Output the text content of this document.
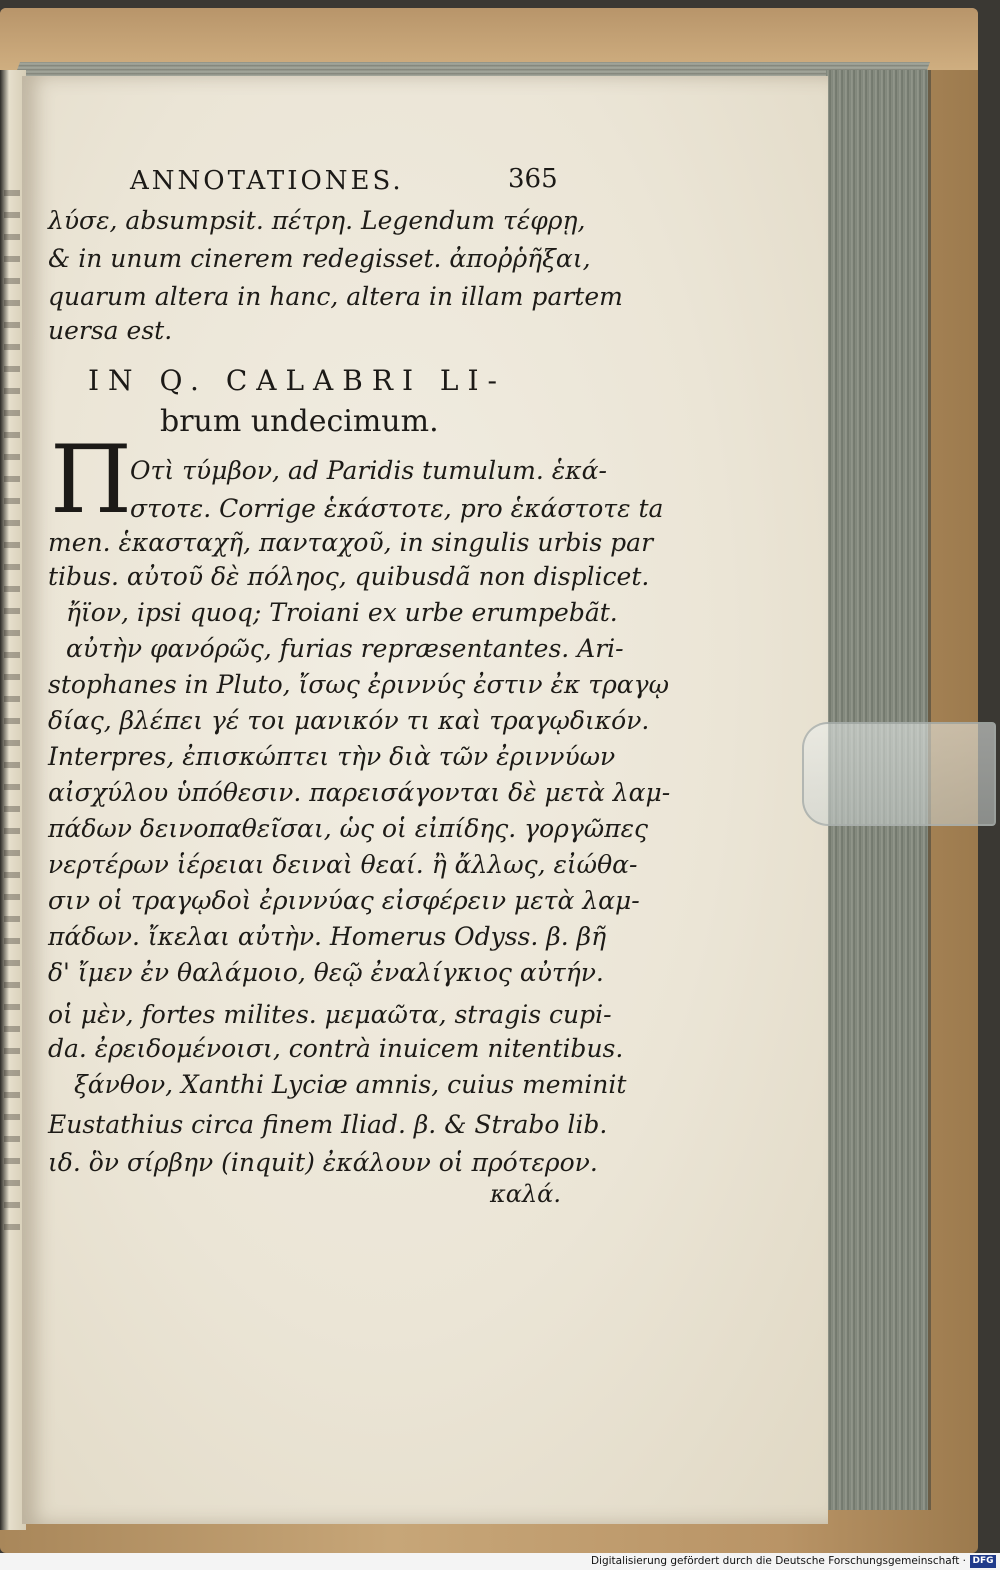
ANNOTATIONES.	365
λύσε, absumpsit. πέτρη. Legendum τέφρῃ,
& in unum cinerem redegisset. ἀποῤῥῆξαι,
quarum altera in hanc, altera in illam partem
uersa est.
IN Q. CALABRI LI-
brum undecimum.
Π
Οτὶ τύμβον, ad Paridis tumulum. ἑκά-
στοτε. Corrige ἑκάστοτε, pro ἑκάστοτε ta
men. ἑκασταχῆ, πανταχοῦ, in singulis urbis par
tibus. αὐτοῦ δὲ πόληος, quibusdã non displicet.
ἤϊον, ipsi quoq; Troiani ex urbe erumpebãt.
αὐτὴν φανόρῶς, furias repræsentantes. Ari-
stophanes in Pluto, ἴσως ἐριννύς ἐστιν ἐκ τραγῳ
δίας, βλέπει γέ τοι μανικόν τι καὶ τραγῳδικόν.
Interpres, ἐπισκώπτει τὴν διὰ τῶν ἐριννύων
αἰσχύλου ὑπόθεσιν. παρεισάγονται δὲ μετὰ λαμ-
πάδων δεινοπαθεῖσαι, ὡς οἱ εἰπίδης. γοργῶπες
νερτέρων ἱέρειαι δειναὶ θεαί. ἢ ἄλλως, εἰώθα-
σιν οἱ τραγῳδοὶ ἐριννύας εἰσφέρειν μετὰ λαμ-
πάδων. ἴκελαι αὐτὴν. Homerus Odyss. β. βῆ
δ' ἴμεν ἐν θαλάμοιο, θεῷ ἐναλίγκιος αὐτήν.
οἱ μὲν, fortes milites. μεμαῶτα, stragis cupi-
da. ἐρειδομένοισι, contrà inuicem nitentibus.
ξάνθον, Xanthi Lyciæ amnis, cuius meminit
Eustathius circa finem Iliad. β. & Strabo lib.
ιδ. ὃν σίρβην (inquit) ἐκάλουν οἱ πρότερον.
καλά.
Digitalisierung gefördert durch die Deutsche Forschungsgemeinschaft · DFG
